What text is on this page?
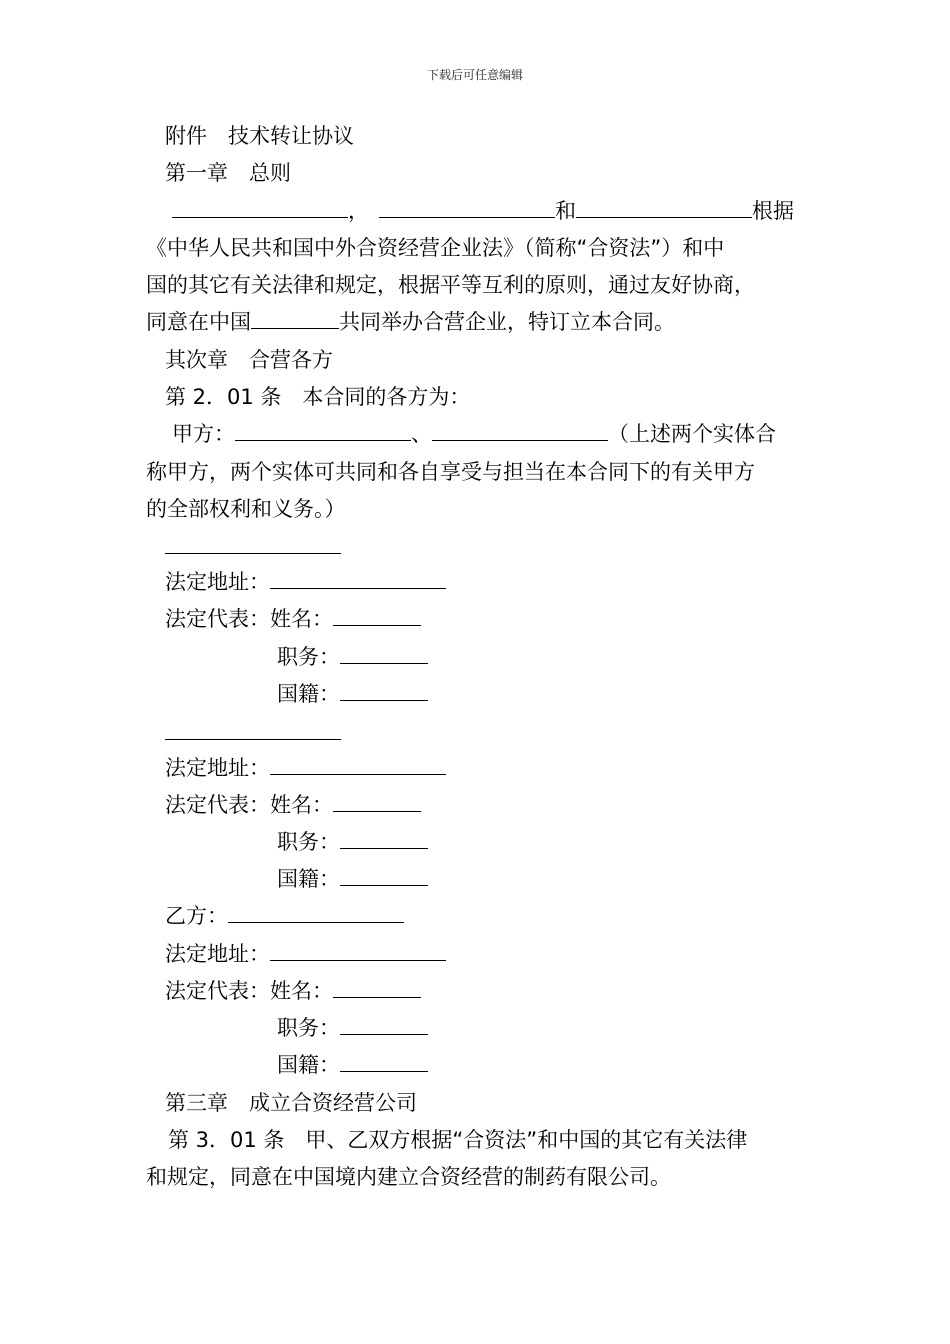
下载后可任意编辑
附件　技术转让协议
第一章　总则
，	和	根据
《中华人民共和国中外合资经营企业法》（简称“合资法”）和中
国的其它有关法律和规定，根据平等互利的原则，通过友好协商，
同意在中国	共同举办合营企业，特订立本合同。
其次章　合营各方
第 2．01 条　本合同的各方为：
甲方：	、	（上述两个实体合
称甲方，两个实体可共同和各自享受与担当在本合同下的有关甲方
的全部权利和义务。）
法定地址：
法定代表：姓名：
职务：
国籍：
法定地址：
法定代表：姓名：
职务：
国籍：
乙方：
法定地址：
法定代表：姓名：
职务：
国籍：
第三章　成立合资经营公司
第 3．01 条　甲、乙双方根据“合资法”和中国的其它有关法律
和规定，同意在中国境内建立合资经营的制药有限公司。
